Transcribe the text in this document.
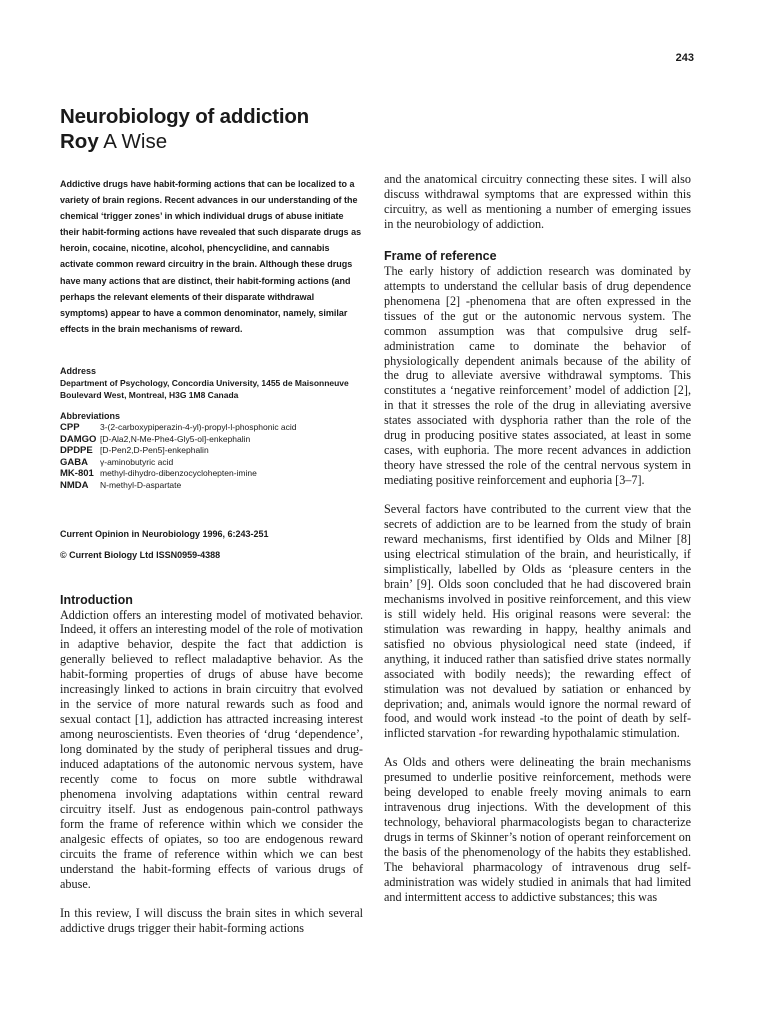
243
Neurobiology of addiction

Roy A Wise

Addictive drugs have habit-forming actions that can be localized to a variety of brain regions. Recent advances in our understanding of the chemical ‘trigger zones’ in which individual drugs of abuse initiate their habit-forming actions have revealed that such disparate drugs as heroin, cocaine, nicotine, alcohol, phencyclidine, and cannabis activate common reward circuitry in the brain. Although these drugs have many actions that are distinct, their habit-forming actions (and perhaps the relevant elements of their disparate withdrawal symptoms) appear to have a common denominator, namely, similar effects in the brain mechanisms of reward.

Address

Department of Psychology, Concordia University, 1455 de Maisonneuve Boulevard West, Montreal, H3G 1M8 Canada

Abbreviations

CPP	3-(2-carboxypiperazin-4-yl)-propyl-l-phosphonic acid
DAMGO	[D-Ala2,N-Me-Phe4-Gly5-ol]-enkephalin
DPDPE	[D-Pen2,D-Pen5]-enkephalin
GABA	γ-aminobutyric acid
MK-801	methyl-dihydro-dibenzocyclohepten-imine
NMDA	N-methyl-D-aspartate

Current Opinion in Neurobiology 1996, 6:243-251

© Current Biology Ltd ISSN0959-4388

Introduction

Addiction offers an interesting model of motivated behavior. Indeed, it offers an interesting model of the role of motivation in adaptive behavior, despite the fact that addiction is generally believed to reflect maladaptive behavior. As the habit-forming properties of drugs of abuse have become increasingly linked to actions in brain circuitry that evolved in the service of more natural rewards such as food and sexual contact [1], addiction has attracted increasing interest among neuroscientists. Even theories of ‘drug ‘dependence’, long dominated by the study of peripheral tissues and drug-induced adaptations of the autonomic nervous system, have recently come to focus on more subtle withdrawal phenomena involving adaptations within central reward circuitry itself. Just as endogenous pain-control pathways form the frame of reference within which we consider the analgesic effects of opiates, so too are endogenous reward circuits the frame of reference within which we can best understand the habit-forming effects of various drugs of abuse.

In this review, I will discuss the brain sites in which several addictive drugs trigger their habit-forming actions

and the anatomical circuitry connecting these sites. I will also discuss withdrawal symptoms that are expressed within this circuitry, as well as mentioning a number of emerging issues in the neurobiology of addiction.

Frame of reference

The early history of addiction research was dominated by attempts to understand the cellular basis of drug dependence phenomena [2] -phenomena that are often expressed in the tissues of the gut or the autonomic nervous system. The common assumption was that compulsive drug self-administration came to dominate the behavior of physiologically dependent animals because of the ability of the drug to alleviate aversive withdrawal symptoms. This constitutes a ‘negative reinforcement’ model of addiction [2], in that it stresses the role of the drug in alleviating aversive states associated with dysphoria rather than the role of the drug in producing positive states associated, at least in some cases, with euphoria. The more recent advances in addiction theory have stressed the role of the central nervous system in mediating positive reinforcement and euphoria [3–7].

Several factors have contributed to the current view that the secrets of addiction are to be learned from the study of brain reward mechanisms, first identified by Olds and Milner [8] using electrical stimulation of the brain, and heuristically, if simplistically, labelled by Olds as ‘pleasure centers in the brain’ [9]. Olds soon concluded that he had discovered brain mechanisms involved in positive reinforcement, and this view is still widely held. His original reasons were several: the stimulation was rewarding in happy, healthy animals and satisfied no obvious physiological need state (indeed, if anything, it induced rather than satisfied drive states normally associated with bodily needs); the rewarding effect of stimulation was not devalued by satiation or enhanced by deprivation; and, animals would ignore the normal reward of food, and would work instead -to the point of death by self-inflicted starvation -for rewarding hypothalamic stimulation.

As Olds and others were delineating the brain mechanisms presumed to underlie positive reinforcement, methods were being developed to enable freely moving animals to earn intravenous drug injections. With the development of this technology, behavioral pharmacologists began to characterize drugs in terms of Skinner’s notion of operant reinforcement on the basis of the phenomenology of the habits they established. The behavioral pharmacology of intravenous drug self-administration was widely studied in animals that had limited and intermittent access to addictive substances; this was
